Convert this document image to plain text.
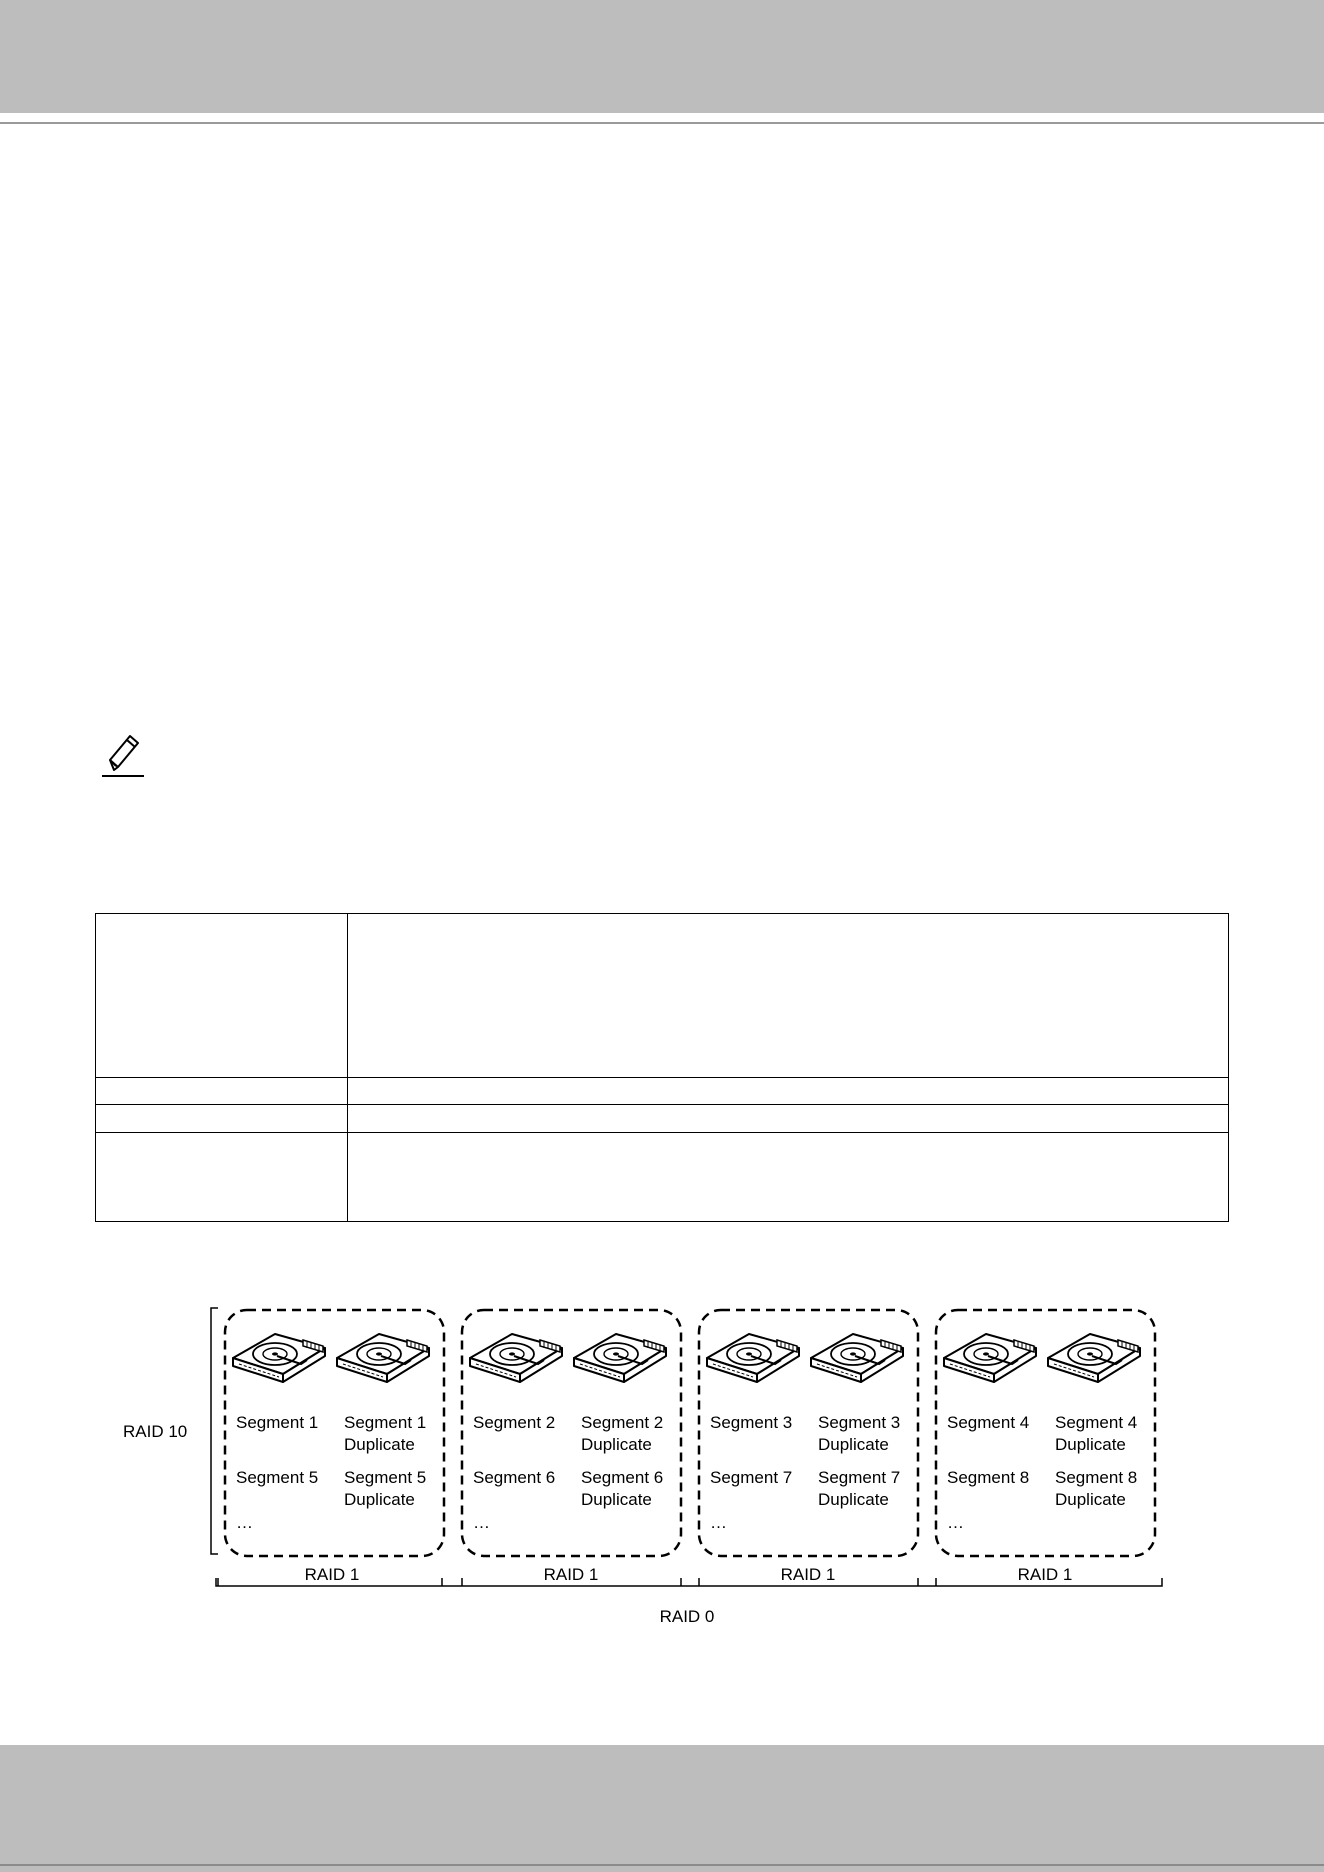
RAID 10
RAID 0
Segment 1 Segment 1
Duplicate
Segment 5 Segment 5
Duplicate
…
RAID 1
Segment 2 Segment 2
Duplicate
Segment 6 Segment 6
Duplicate
…
RAID 1
Segment 3 Segment 3
Duplicate
Segment 7 Segment 7
Duplicate
…
RAID 1
Segment 4 Segment 4
Duplicate
Segment 8 Segment 8
Duplicate
…
RAID 1
